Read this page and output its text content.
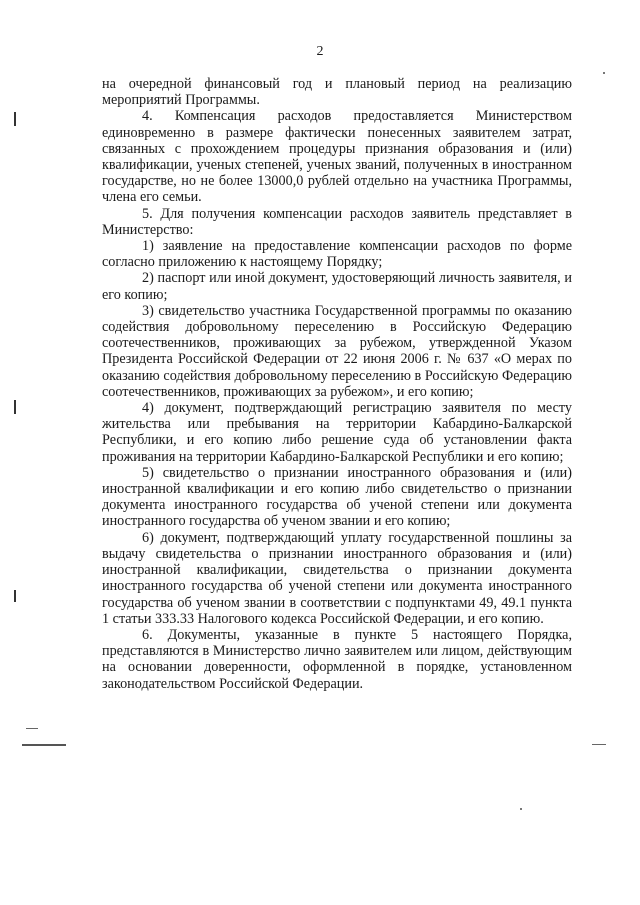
2

на очередной финансовый год и плановый период на реализацию мероприятий Программы.

4. Компенсация расходов предоставляется Министерством единовременно в размере фактически понесенных заявителем затрат, связанных с прохождением процедуры признания образования и (или) квалификации, ученых степеней, ученых званий, полученных в иностранном государстве, но не более 13000,0 рублей отдельно на участника Программы, члена его семьи.

5. Для получения компенсации расходов заявитель представляет в Министерство:

1) заявление на предоставление компенсации расходов по форме согласно приложению к настоящему Порядку;

2) паспорт или иной документ, удостоверяющий личность заявителя, и его копию;

3) свидетельство участника Государственной программы по оказанию содействия добровольному переселению в Российскую Федерацию соотечественников, проживающих за рубежом, утвержденной Указом Президента Российской Федерации от 22 июня 2006 г. № 637 «О мерах по оказанию содействия добровольному переселению в Российскую Федерацию соотечественников, проживающих за рубежом», и его копию;

4) документ, подтверждающий регистрацию заявителя по месту жительства или пребывания на территории Кабардино-Балкарской Республики, и его копию либо решение суда об установлении факта проживания на территории Кабардино-Балкарской Республики и его копию;

5) свидетельство о признании иностранного образования и (или) иностранной квалификации и его копию либо свидетельство о признании документа иностранного государства об ученой степени или документа иностранного государства об ученом звании и его копию;

6) документ, подтверждающий уплату государственной пошлины за выдачу свидетельства о признании иностранного образования и (или) иностранной квалификации, свидетельства о признании документа иностранного государства об ученой степени или документа иностранного государства об ученом звании в соответствии с подпунктами 49, 49.1 пункта 1 статьи 333.33 Налогового кодекса Российской Федерации, и его копию.

6. Документы, указанные в пункте 5 настоящего Порядка, представляются в Министерство лично заявителем или лицом, действующим на основании доверенности, оформленной в порядке, установленном законодательством Российской Федерации.
